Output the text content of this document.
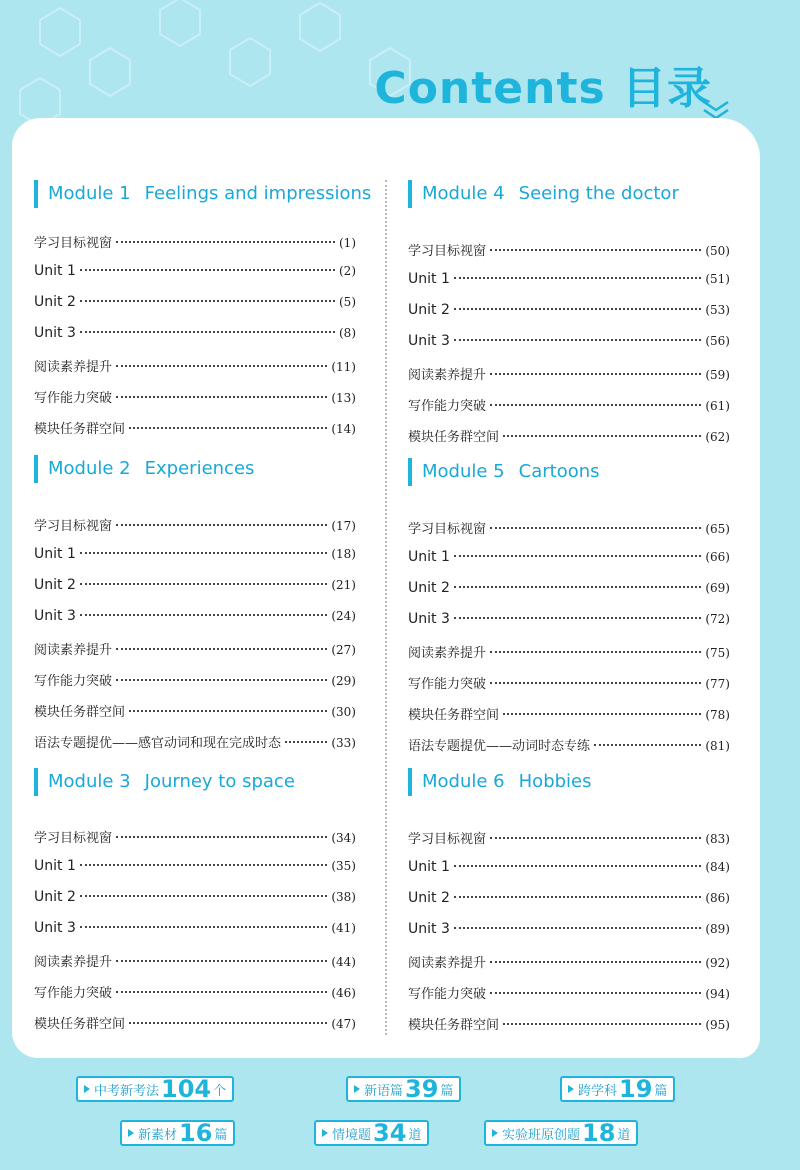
Contents 目录
Module 1 Feelings and impressions
学习目标视窗	(1)
Unit 1	(2)
Unit 2	(5)
Unit 3	(8)
阅读素养提升	(11)
写作能力突破	(13)
模块任务群空间	(14)
Module 2 Experiences
学习目标视窗	(17)
Unit 1	(18)
Unit 2	(21)
Unit 3	(24)
阅读素养提升	(27)
写作能力突破	(29)
模块任务群空间	(30)
语法专题提优——感官动词和现在完成时态	(33)
Module 3 Journey to space
学习目标视窗	(34)
Unit 1	(35)
Unit 2	(38)
Unit 3	(41)
阅读素养提升	(44)
写作能力突破	(46)
模块任务群空间	(47)
Module 4 Seeing the doctor
学习目标视窗	(50)
Unit 1	(51)
Unit 2	(53)
Unit 3	(56)
阅读素养提升	(59)
写作能力突破	(61)
模块任务群空间	(62)
Module 5 Cartoons
学习目标视窗	(65)
Unit 1	(66)
Unit 2	(69)
Unit 3	(72)
阅读素养提升	(75)
写作能力突破	(77)
模块任务群空间	(78)
语法专题提优——动词时态专练	(81)
Module 6 Hobbies
学习目标视窗	(83)
Unit 1	(84)
Unit 2	(86)
Unit 3	(89)
阅读素养提升	(92)
写作能力突破	(94)
模块任务群空间	(95)
中考新考法 104 个	新语篇 39 篇	跨学科 19 篇
新素材 16 篇	情境题 34 道	实验班原创题 18 道
